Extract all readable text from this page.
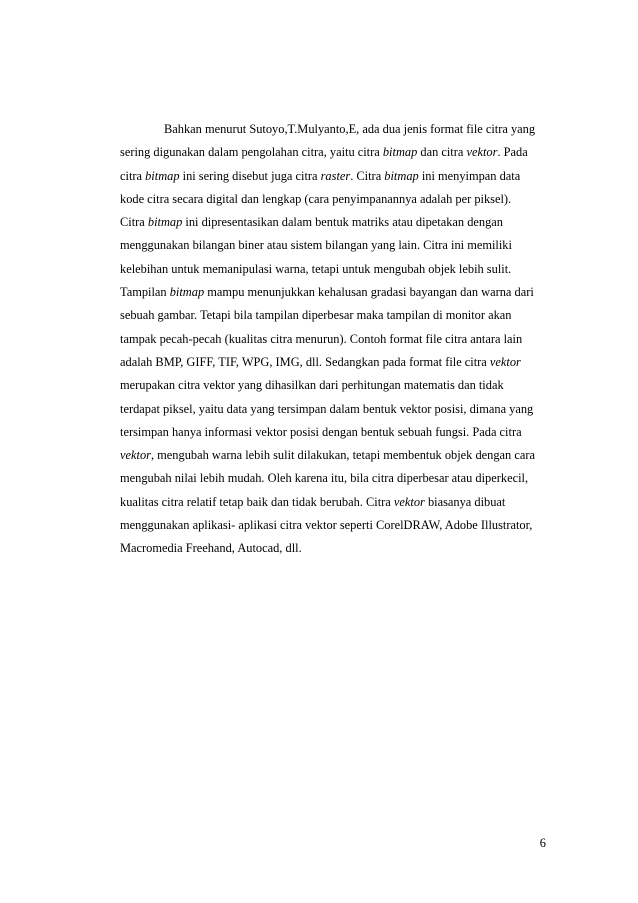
Bahkan menurut Sutoyo,T.Mulyanto,E, ada dua jenis format file citra yang
sering digunakan dalam pengolahan citra, yaitu citra bitmap dan citra vektor. Pada
citra bitmap ini sering disebut juga citra raster. Citra bitmap ini menyimpan data
kode citra secara digital dan lengkap (cara penyimpanannya adalah per piksel).
Citra bitmap ini dipresentasikan dalam bentuk matriks atau dipetakan dengan
menggunakan bilangan biner atau sistem bilangan yang lain. Citra ini memiliki
kelebihan untuk memanipulasi warna, tetapi untuk mengubah objek lebih sulit.
Tampilan bitmap mampu menunjukkan kehalusan gradasi bayangan dan warna dari
sebuah gambar. Tetapi bila tampilan diperbesar maka tampilan di monitor akan
tampak pecah-pecah (kualitas citra menurun). Contoh format file citra antara lain
adalah BMP, GIFF, TIF, WPG, IMG, dll. Sedangkan pada format file citra vektor
merupakan citra vektor yang dihasilkan dari perhitungan matematis dan tidak
terdapat piksel, yaitu data yang tersimpan dalam bentuk vektor posisi, dimana yang
tersimpan hanya informasi vektor posisi dengan bentuk sebuah fungsi. Pada citra
vektor, mengubah warna lebih sulit dilakukan, tetapi membentuk objek dengan cara
mengubah nilai lebih mudah. Oleh karena itu, bila citra diperbesar atau diperkecil,
kualitas citra relatif tetap baik dan tidak berubah. Citra vektor biasanya dibuat
menggunakan aplikasi- aplikasi citra vektor seperti CorelDRAW, Adobe Illustrator,
Macromedia Freehand, Autocad, dll.
6
